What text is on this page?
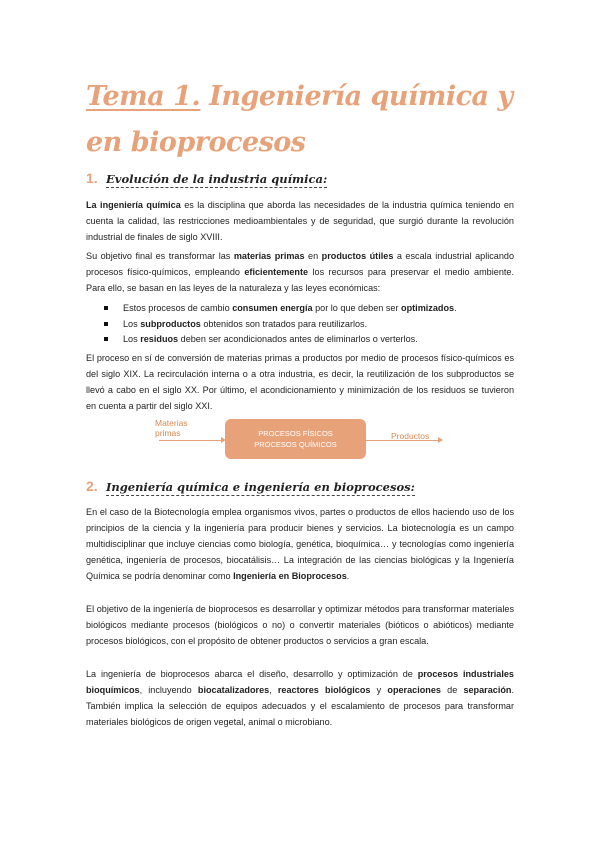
Tema 1. Ingeniería química y en bioprocesos
1. Evolución de la industria química:

La ingeniería química es la disciplina que aborda las necesidades de la industria química teniendo en cuenta la calidad, las restricciones medioambientales y de seguridad, que surgió durante la revolución industrial de finales de siglo XVIII.

Su objetivo final es transformar las materias primas en productos útiles a escala industrial aplicando procesos físico-químicos, empleando eficientemente los recursos para preservar el medio ambiente. Para ello, se basan en las leyes de la naturaleza y las leyes económicas:

Estos procesos de cambio consumen energía por lo que deben ser optimizados.
Los subproductos obtenidos son tratados para reutilizarlos.
Los residuos deben ser acondicionados antes de eliminarlos o verterlos.

El proceso en sí de conversión de materias primas a productos por medio de procesos físico-químicos es del siglo XIX. La recirculación interna o a otra industria, es decir, la reutilización de los subproductos se llevó a cabo en el siglo XX. Por último, el acondicionamiento y minimización de los residuos se tuvieron en cuenta a partir del siglo XXI.

Materias
primas	PROCESOS FÍSICOS
PROCESOS QUÍMICOS
Productos
2. Ingeniería química e ingeniería en bioprocesos:

En el caso de la Biotecnología emplea organismos vivos, partes o productos de ellos haciendo uso de los principios de la ciencia y la ingeniería para producir bienes y servicios. La biotecnología es un campo multidisciplinar que incluye ciencias como biología, genética, bioquímica… y tecnologías como ingeniería genética, ingeniería de procesos, biocatálisis… La integración de las ciencias biológicas y la Ingeniería Química se podría denominar como Ingeniería en Bioprocesos.

El objetivo de la ingeniería de bioprocesos es desarrollar y optimizar métodos para transformar materiales biológicos mediante procesos (biológicos o no) o convertir materiales (bióticos o abióticos) mediante procesos biológicos, con el propósito de obtener productos o servicios a gran escala.

La ingeniería de bioprocesos abarca el diseño, desarrollo y optimización de procesos industriales bioquímicos, incluyendo biocatalizadores, reactores biológicos y operaciones de separación. También implica la selección de equipos adecuados y el escalamiento de procesos para transformar materiales biológicos de origen vegetal, animal o microbiano.
